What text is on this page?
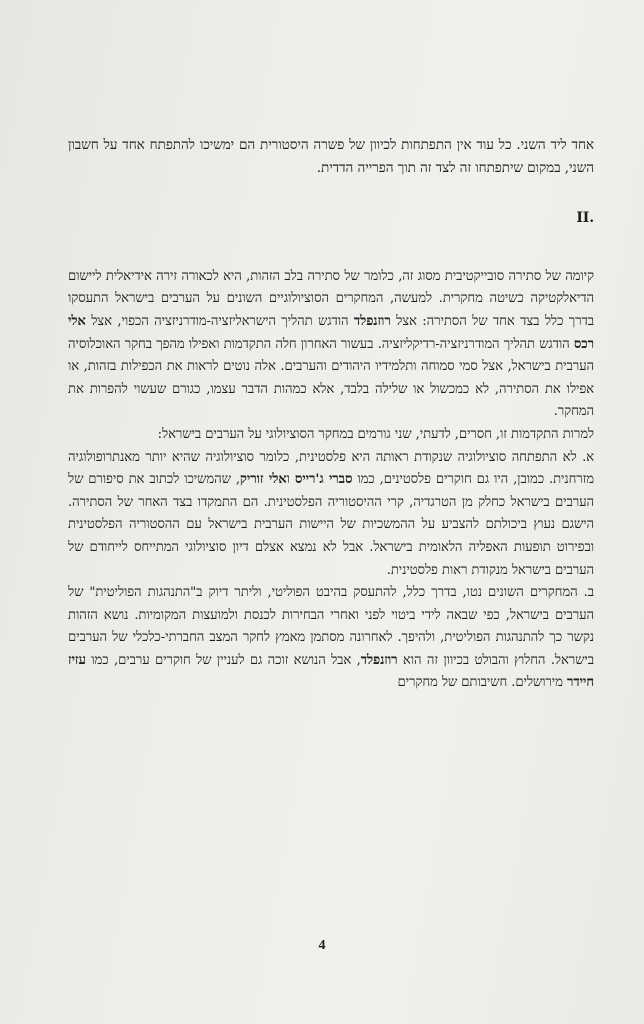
אחד ליד השני. כל עוד אין התפתחות לכיוון של פשרה היסטורית הם ימשיכו להתפתח אחד על חשבון השני, במקום שיתפתחו זה לצד זה תוך הפרייה הדדית.

II.

קיומה של סתירה סובייקטיבית מסוג זה, כלומר של סתירה בלב הזהות, היא לכאורה זירה אידיאלית ליישום הדיאלקטיקה כשיטה מחקרית. למעשה, המחקרים הסוציולוגיים השונים על הערבים בישראל התעסקו בדרך כלל בצד אחד של הסתירה: אצל רוזנפלד הודגש תהליך הישראליזציה-מודרניזציה הכפוי, אצל אלי רכס הודגש תהליך המודרניזציה-רדיקליזציה. בעשור האחרון חלה התקדמות ואפילו מהפך בחקר האוכלוסיה הערבית בישראל, אצל סמי סמוחה ותלמידיו היהודים והערבים. אלה נוטים לראות את הכפילות בזהות, או אפילו את הסתירה, לא כמכשול או שלילה בלבד, אלא כמהות הדבר עצמו, כגורם שעשוי להפרות את המחקר.

למרות התקדמות זו, חסרים, לדעתי, שני גורמים במחקר הסוציולוגי על הערבים בישראל:

א. לא התפתחה סוציולוגיה שנקודת ראותה היא פלסטינית, כלומר סוציולוגיה שהיא יותר מאנתרופולוגיה מזרחנית. כמובן, היו גם חוקרים פלסטינים, כמו סברי ג'רייס ואלי זוריק, שהמשיכו לכתוב את סיפורם של הערבים בישראל כחלק מן הטרגדיה, קרי ההיסטוריה הפלסטינית. הם התמקדו בצד האחר של הסתירה. הישגם נעוץ ביכולתם להצביע על ההמשכיות של היישות הערבית בישראל עם ההסטוריה הפלסטינית ובפירוט תופעות האפליה הלאומית בישראל. אבל לא נמצא אצלם דיון סוציולוגי המתייחס לייחודם של הערבים בישראל מנקודת ראות פלסטינית.

ב. המחקרים השונים נטו, בדרך כלל, להתעסק בהיבט הפוליטי, וליתר דיוק ב"התנהגות הפוליטית" של הערבים בישראל, כפי שבאה לידי ביטוי לפני ואחרי הבחירות לכנסת ולמועצות המקומיות. נושא הזהות נקשר כך להתנהגות הפוליטית, ולהיפך. לאחרונה מסתמן מאמץ לחקר המצב החברתי-כלכלי של הערבים בישראל. החלוץ והבולט בכיוון זה הוא רוזנפלד, אבל הנושא זוכה גם לעניין של חוקרים ערבים, כמו עזיז חיידר מירושלים. חשיבותם של מחקרים

4
